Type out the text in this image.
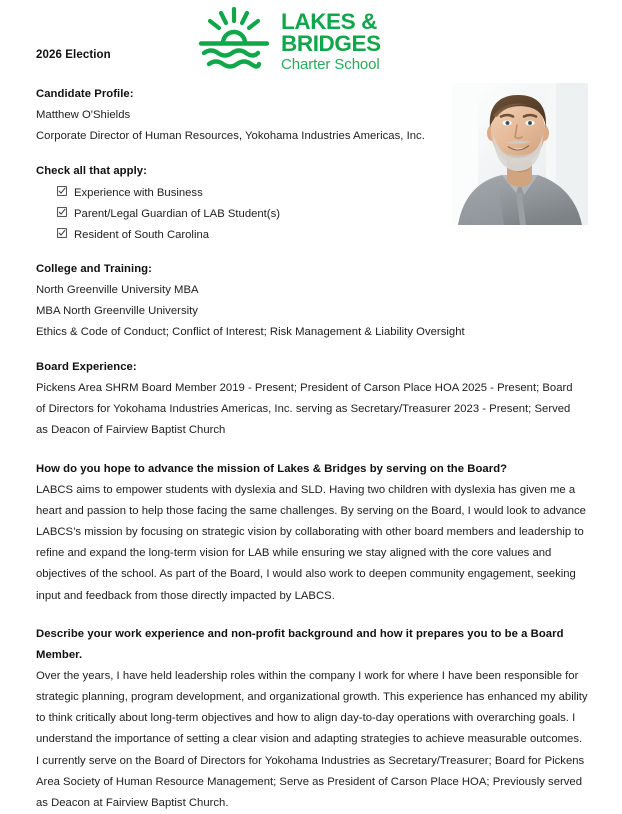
2026 Election
LAKES &
BRIDGES
Charter School
Candidate Profile:
Matthew O'Shields
Corporate Director of Human Resources, Yokohama Industries Americas, Inc.
Check all that apply:
Experience with Business
Parent/Legal Guardian of LAB Student(s)
Resident of South Carolina
College and Training:
North Greenville University MBA
MBA North Greenville University
Ethics & Code of Conduct; Conflict of Interest; Risk Management & Liability Oversight
Board Experience:
Pickens Area SHRM Board Member 2019 - Present; President of Carson Place HOA 2025 - Present; Board of Directors for Yokohama Industries Americas, Inc. serving as Secretary/Treasurer 2023 - Present; Served as Deacon of Fairview Baptist Church
How do you hope to advance the mission of Lakes & Bridges by serving on the Board?
LABCS aims to empower students with dyslexia and SLD. Having two children with dyslexia has given me a heart and passion to help those facing the same challenges. By serving on the Board, I would look to advance LABCS’s mission by focusing on strategic vision by collaborating with other board members and leadership to refine and expand the long-term vision for LAB while ensuring we stay aligned with the core values and objectives of the school. As part of the Board, I would also work to deepen community engagement, seeking input and feedback from those directly impacted by LABCS.
Describe your work experience and non-profit background and how it prepares you to be a Board Member.
Over the years, I have held leadership roles within the company I work for where I have been responsible for strategic planning, program development, and organizational growth. This experience has enhanced my ability to think critically about long-term objectives and how to align day-to-day operations with overarching goals. I understand the importance of setting a clear vision and adapting strategies to achieve measurable outcomes. I currently serve on the Board of Directors for Yokohama Industries as Secretary/Treasurer; Board for Pickens Area Society of Human Resource Management; Serve as President of Carson Place HOA; Previously served as Deacon at Fairview Baptist Church.
